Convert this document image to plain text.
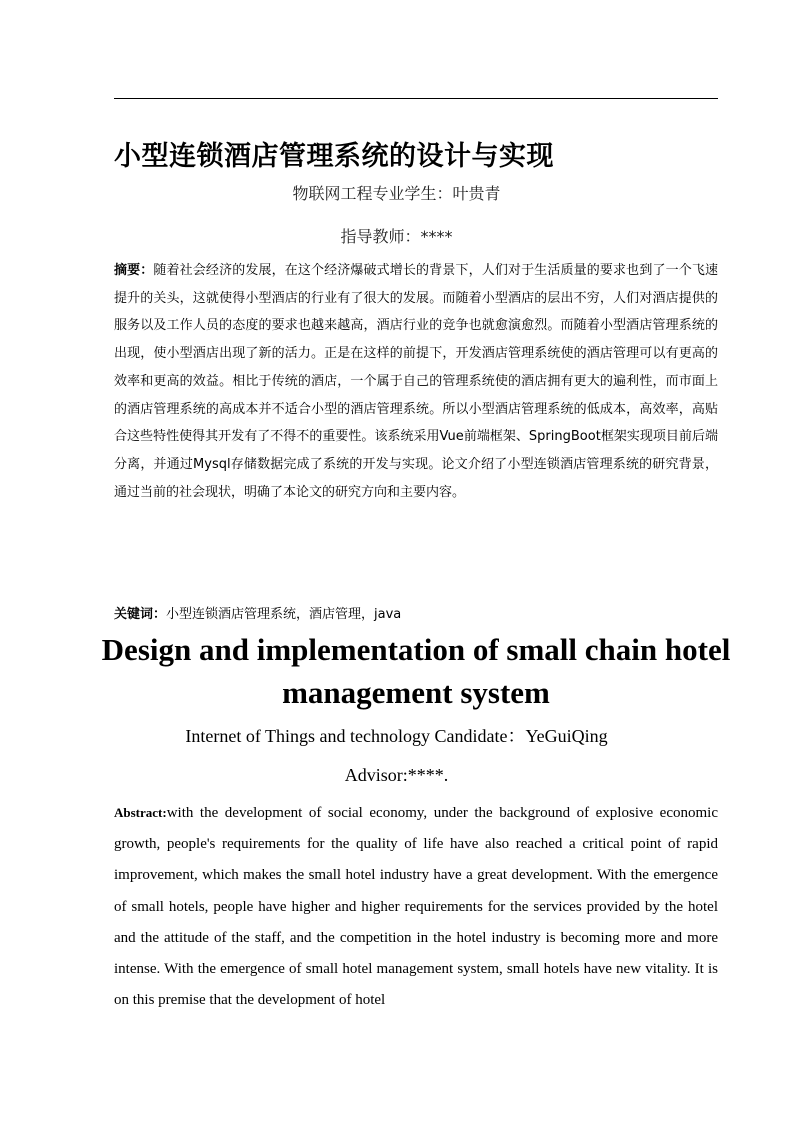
小型连锁酒店管理系统的设计与实现

物联网工程专业学生：叶贵青

指导教师：****

摘要：随着社会经济的发展，在这个经济爆破式增长的背景下，人们对于生活质量的要求也到了一个飞速提升的关头，这就使得小型酒店的行业有了很大的发展。而随着小型酒店的层出不穷，人们对酒店提供的服务以及工作人员的态度的要求也越来越高，酒店行业的竞争也就愈演愈烈。而随着小型酒店管理系统的出现，使小型酒店出现了新的活力。正是在这样的前提下，开发酒店管理系统使的酒店管理可以有更高的效率和更高的效益。相比于传统的酒店，一个属于自己的管理系统使的酒店拥有更大的遍利性，而市面上的酒店管理系统的高成本并不适合小型的酒店管理系统。所以小型酒店管理系统的低成本，高效率，高贴合这些特性使得其开发有了不得不的重要性。该系统采用Vue前端框架、SpringBoot框架实现项目前后端分离，并通过Mysql存储数据完成了系统的开发与实现。论文介绍了小型连锁酒店管理系统的研究背景，通过当前的社会现状，明确了本论文的研究方向和主要内容。

关键词：小型连锁酒店管理系统，酒店管理，java

Design and implementation of small chain hotel management system

Internet of Things and technology Candidate：YeGuiQing

Advisor:****.

Abstract:with the development of social economy, under the background of explosive economic growth, people's requirements for the quality of life have also reached a critical point of rapid improvement, which makes the small hotel industry have a great development. With the emergence of small hotels, people have higher and higher requirements for the services provided by the hotel and the attitude of the staff, and the competition in the hotel industry is becoming more and more intense. With the emergence of small hotel management system, small hotels have new vitality. It is on this premise that the development of hotel
